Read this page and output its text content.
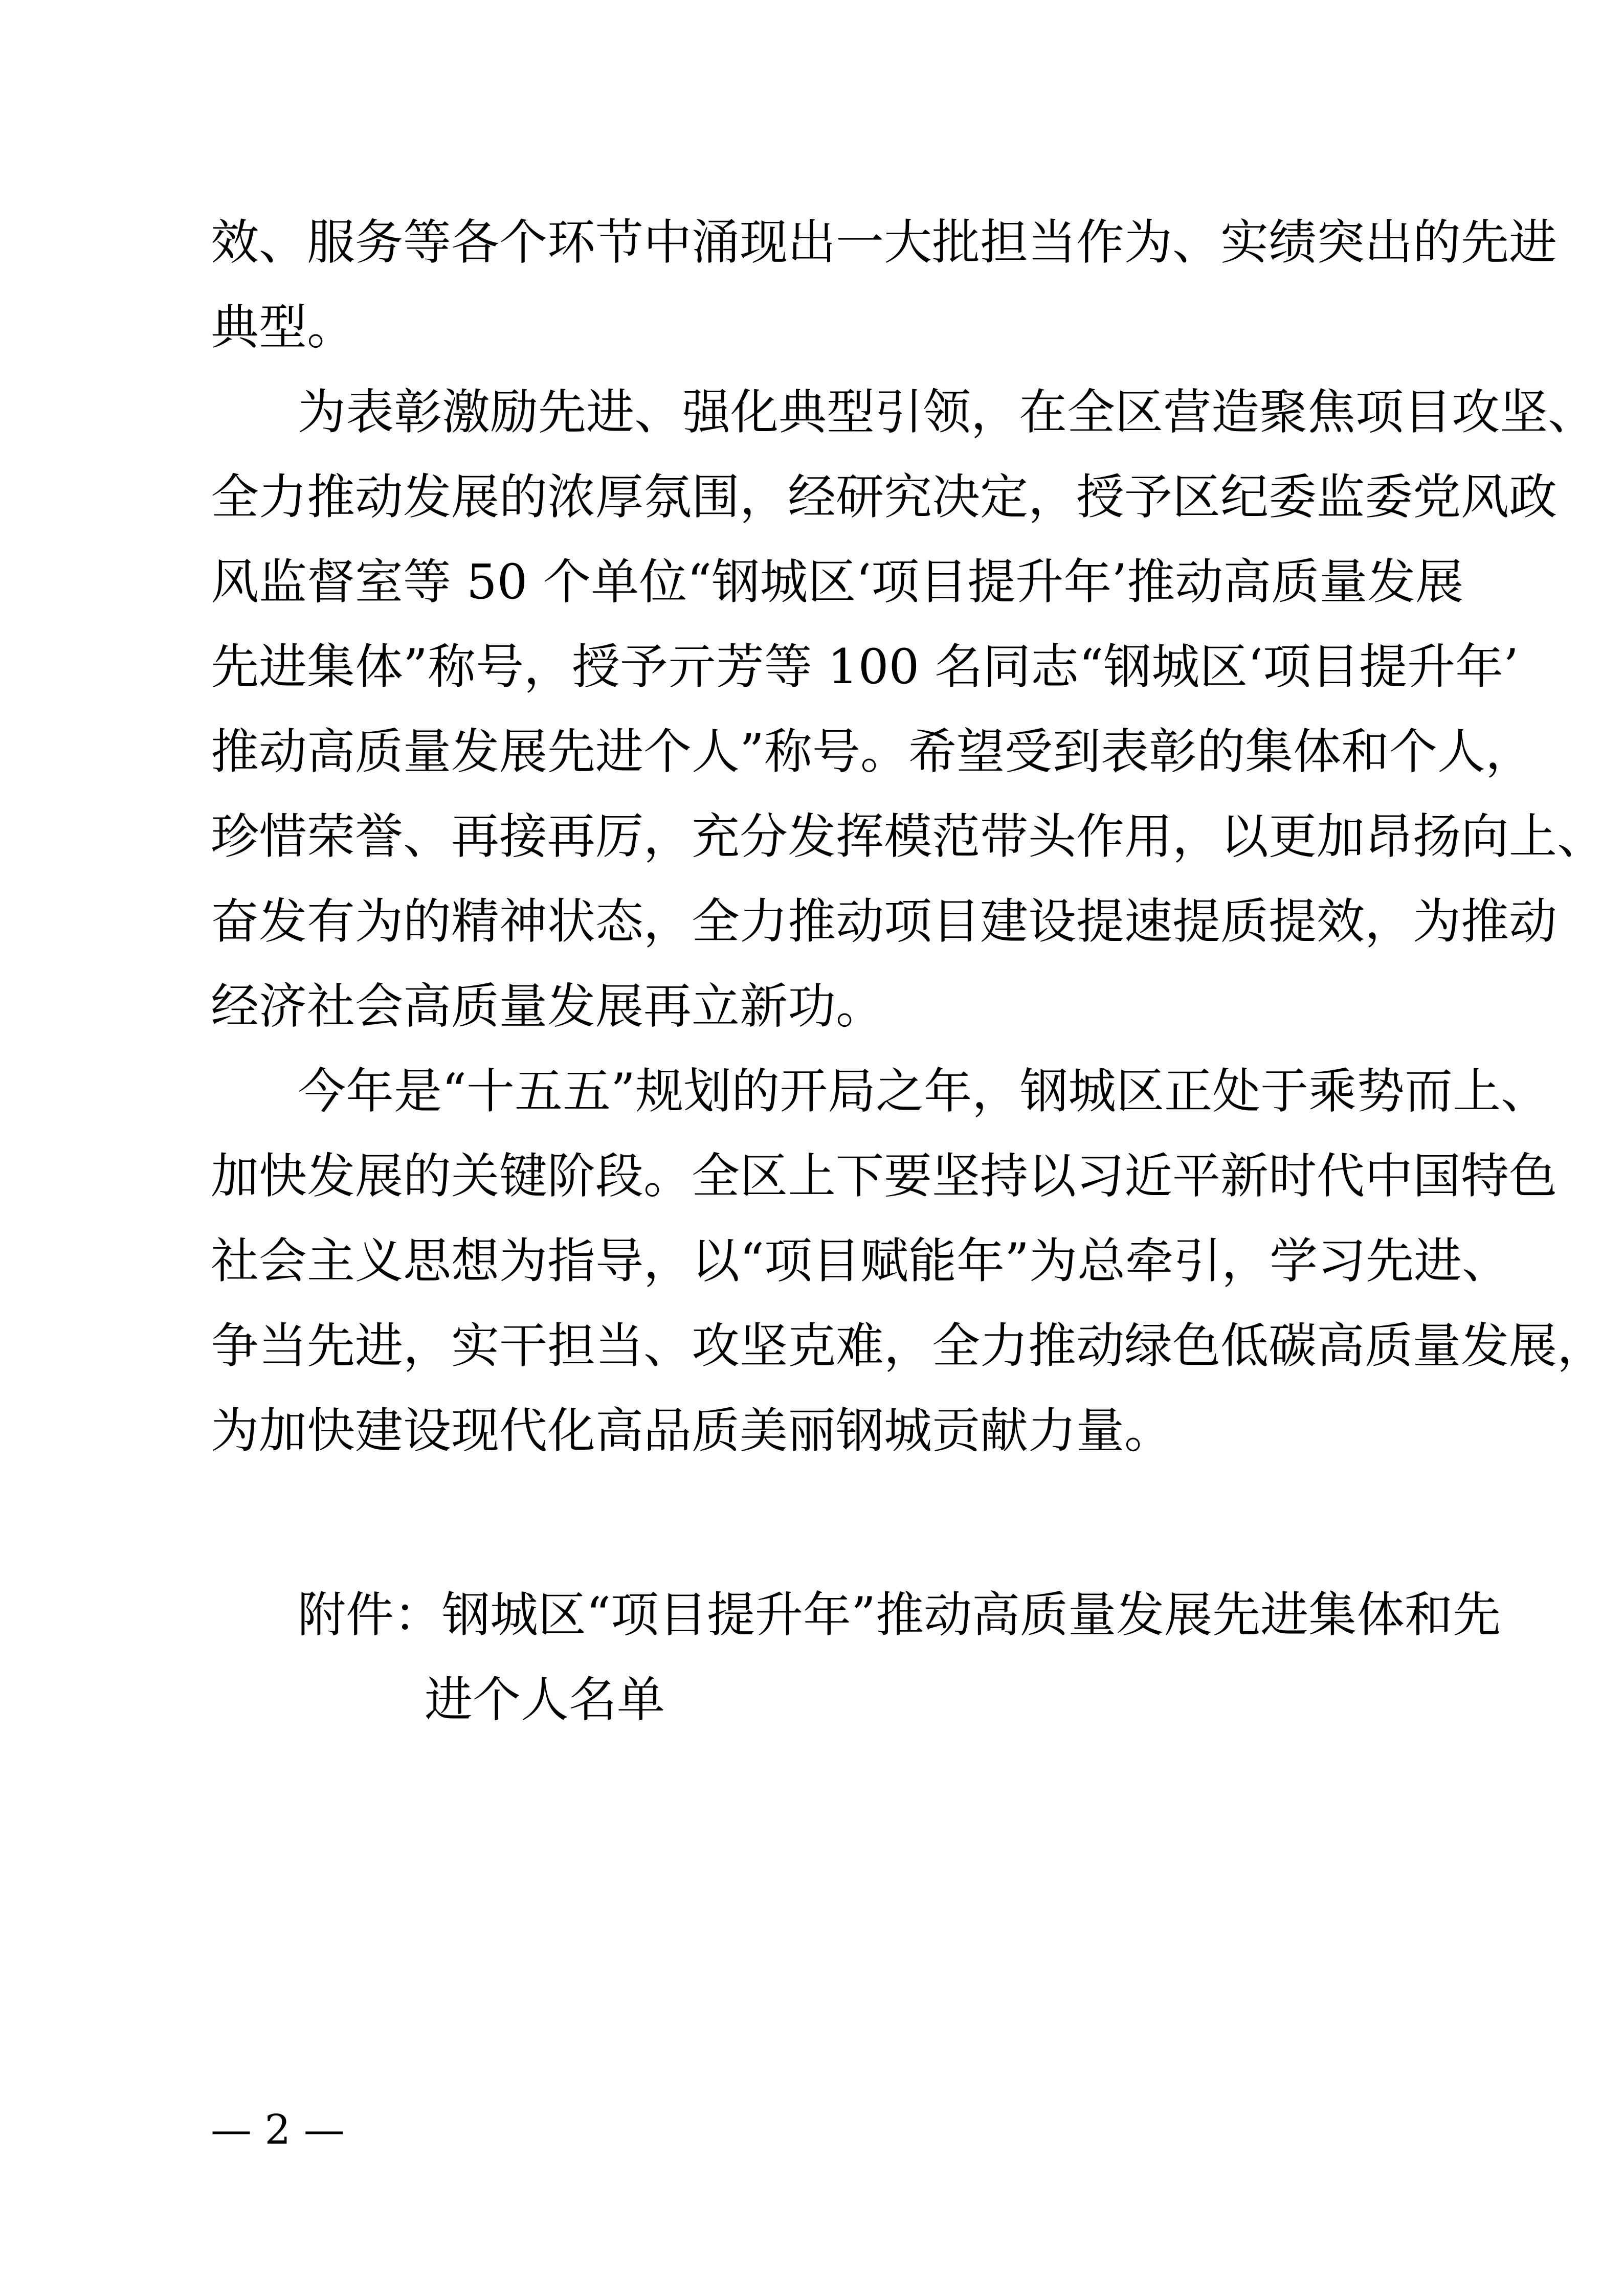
效、服务等各个环节中涌现出一大批担当作为、实绩突出的先进
典型。
为表彰激励先进、强化典型引领，在全区营造聚焦项目攻坚、
全力推动发展的浓厚氛围，经研究决定，授予区纪委监委党风政
风监督室等 50 个单位“钢城区‘项目提升年’推动高质量发展
先进集体”称号，授予亓芳等 100 名同志“钢城区‘项目提升年’
推动高质量发展先进个人”称号。希望受到表彰的集体和个人，
珍惜荣誉、再接再厉，充分发挥模范带头作用，以更加昂扬向上、
奋发有为的精神状态，全力推动项目建设提速提质提效，为推动
经济社会高质量发展再立新功。
今年是“十五五”规划的开局之年，钢城区正处于乘势而上、
加快发展的关键阶段。全区上下要坚持以习近平新时代中国特色
社会主义思想为指导，以“项目赋能年”为总牵引，学习先进、
争当先进，实干担当、攻坚克难，全力推动绿色低碳高质量发展，
为加快建设现代化高品质美丽钢城贡献力量。
附件：钢城区“项目提升年”推动高质量发展先进集体和先
进个人名单
— 2 —
